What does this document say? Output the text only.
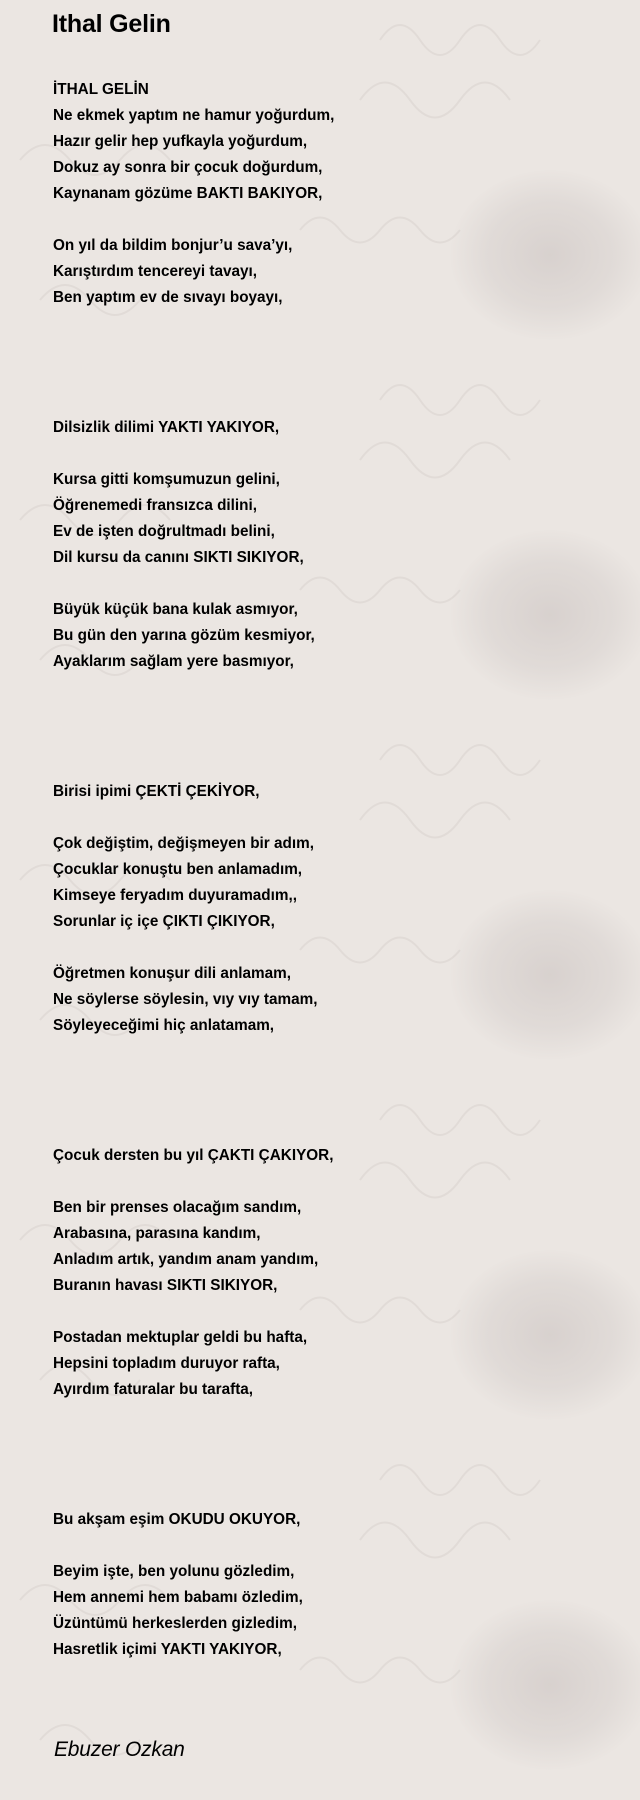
Ithal Gelin
İTHAL GELİN
Ne ekmek yaptım ne hamur yoğurdum,
Hazır gelir hep yufkayla yoğurdum,
Dokuz ay sonra bir çocuk doğurdum,
Kaynanam gözüme BAKTI BAKIYOR,
On yıl da bildim bonjur’u sava’yı,
Karıştırdım tencereyi tavayı,
Ben yaptım ev de sıvayı boyayı,
Dilsizlik dilimi YAKTI YAKIYOR,
Kursa gitti komşumuzun gelini,
Öğrenemedi fransızca dilini,
Ev de işten doğrultmadı belini,
Dil kursu da canını SIKTI SIKIYOR,
Büyük küçük bana kulak asmıyor,
Bu gün den yarına gözüm kesmiyor,
Ayaklarım sağlam yere basmıyor,
Birisi ipimi ÇEKTİ ÇEKİYOR,
Çok değiştim, değişmeyen bir adım,
Çocuklar konuştu ben anlamadım,
Kimseye feryadım duyuramadım,,
Sorunlar iç içe ÇIKTI ÇIKIYOR,
Öğretmen konuşur dili anlamam,
Ne söylerse söylesin, vıy vıy tamam,
Söyleyeceğimi hiç anlatamam,
Çocuk dersten bu yıl ÇAKTI ÇAKIYOR,
Ben bir prenses olacağım sandım,
Arabasına, parasına kandım,
Anladım artık, yandım anam yandım,
Buranın havası SIKTI SIKIYOR,
Postadan mektuplar geldi bu hafta,
Hepsini topladım duruyor rafta,
Ayırdım faturalar bu tarafta,
Bu akşam eşim OKUDU OKUYOR,
Beyim işte, ben yolunu gözledim,
Hem annemi hem babamı özledim,
Üzüntümü herkeslerden gizledim,
Hasretlik içimi YAKTI YAKIYOR,
Ebuzer Ozkan
